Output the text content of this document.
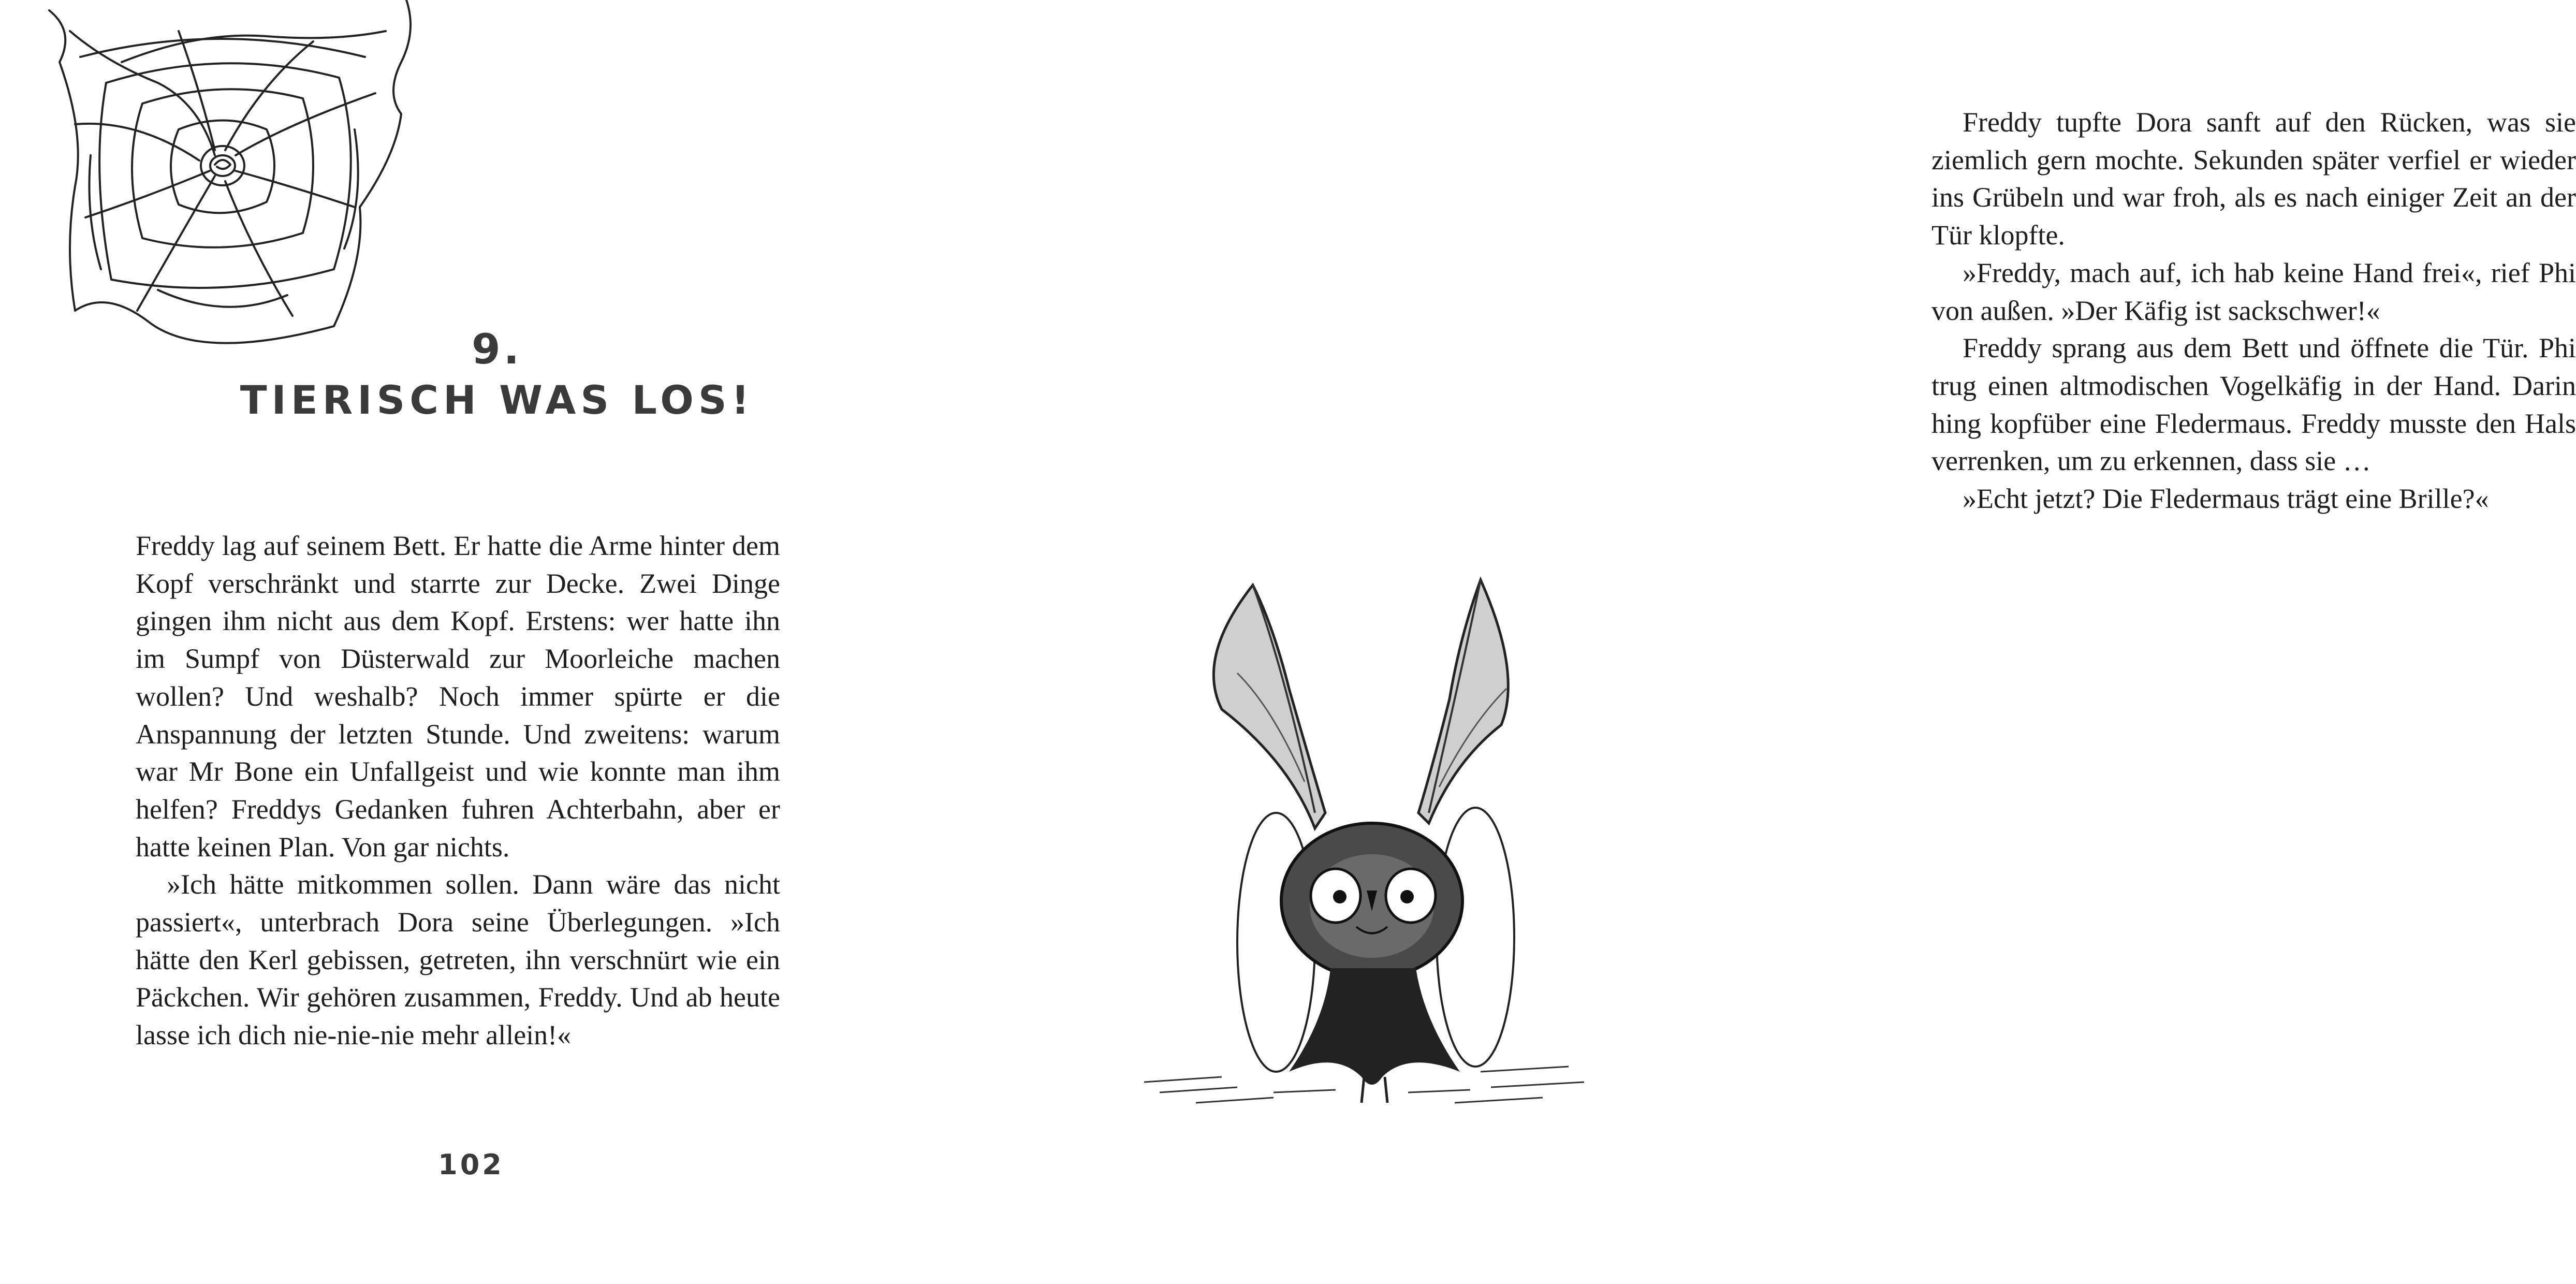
9.
TIERISCH WAS LOS!

Freddy lag auf seinem Bett. Er hatte die Arme hinter dem Kopf verschränkt und starrte zur Decke. Zwei Dinge gingen ihm nicht aus dem Kopf. Erstens: wer hatte ihn im Sumpf von Düsterwald zur Moorleiche machen wollen? Und weshalb? Noch immer spürte er die Anspannung der letzten Stunde. Und zweitens: warum war Mr Bone ein Unfallgeist und wie konnte man ihm helfen? Freddys Gedanken fuhren Achterbahn, aber er hatte keinen Plan. Von gar nichts.

»Ich hätte mitkommen sollen. Dann wäre das nicht passiert«, unterbrach Dora seine Überlegungen. »Ich hätte den Kerl gebissen, getreten, ihn verschnürt wie ein Päckchen. Wir gehören zusammen, Freddy. Und ab heute lasse ich dich nie-nie-nie mehr allein!«

102

Freddy tupfte Dora sanft auf den Rücken, was sie ziemlich gern mochte. Sekunden später verfiel er wieder ins Grübeln und war froh, als es nach einiger Zeit an der Tür klopfte.

»Freddy, mach auf, ich hab keine Hand frei«, rief Phi von außen. »Der Käfig ist sackschwer!«

Freddy sprang aus dem Bett und öffnete die Tür. Phi trug einen altmodischen Vogelkäfig in der Hand. Darin hing kopfüber eine Fledermaus. Freddy musste den Hals verrenken, um zu erkennen, dass sie …

»Echt jetzt? Die Fledermaus trägt eine Brille?«
